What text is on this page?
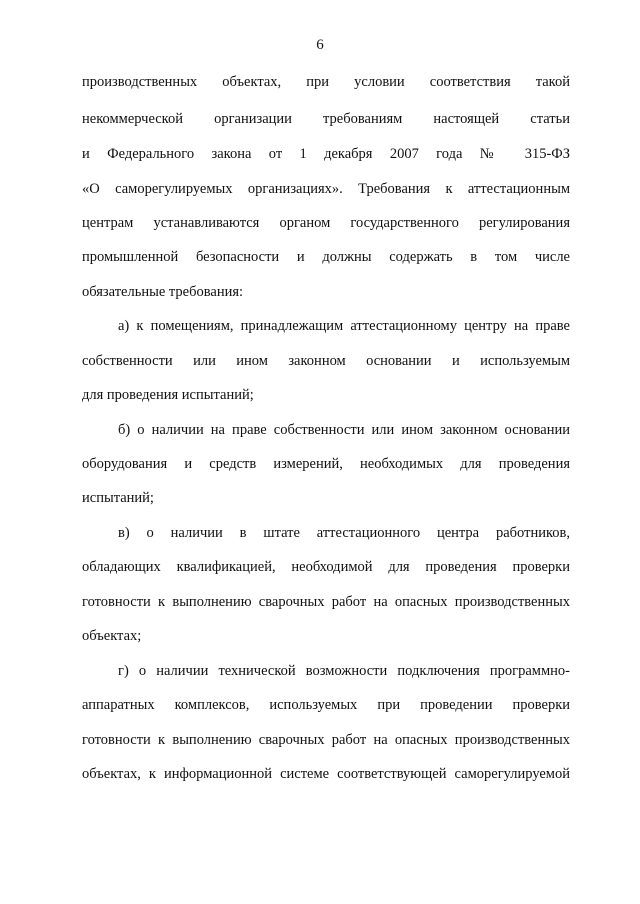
6
производственных объектах, при условии соответствия такой
некоммерческой организации требованиям настоящей статьи
и Федерального закона от 1 декабря 2007 года № 315-ФЗ
«О саморегулируемых организациях». Требования к аттестационным
центрам устанавливаются органом государственного регулирования
промышленной безопасности и должны содержать в том числе
обязательные требования:
а) к помещениям, принадлежащим аттестационному центру на праве
собственности или ином законном основании и используемым
для проведения испытаний;
б) о наличии на праве собственности или ином законном основании
оборудования и средств измерений, необходимых для проведения
испытаний;
в) о наличии в штате аттестационного центра работников,
обладающих квалификацией, необходимой для проведения проверки
готовности к выполнению сварочных работ на опасных производственных
объектах;
г) о наличии технической возможности подключения программно-
аппаратных комплексов, используемых при проведении проверки
готовности к выполнению сварочных работ на опасных производственных
объектах, к информационной системе соответствующей саморегулируемой
